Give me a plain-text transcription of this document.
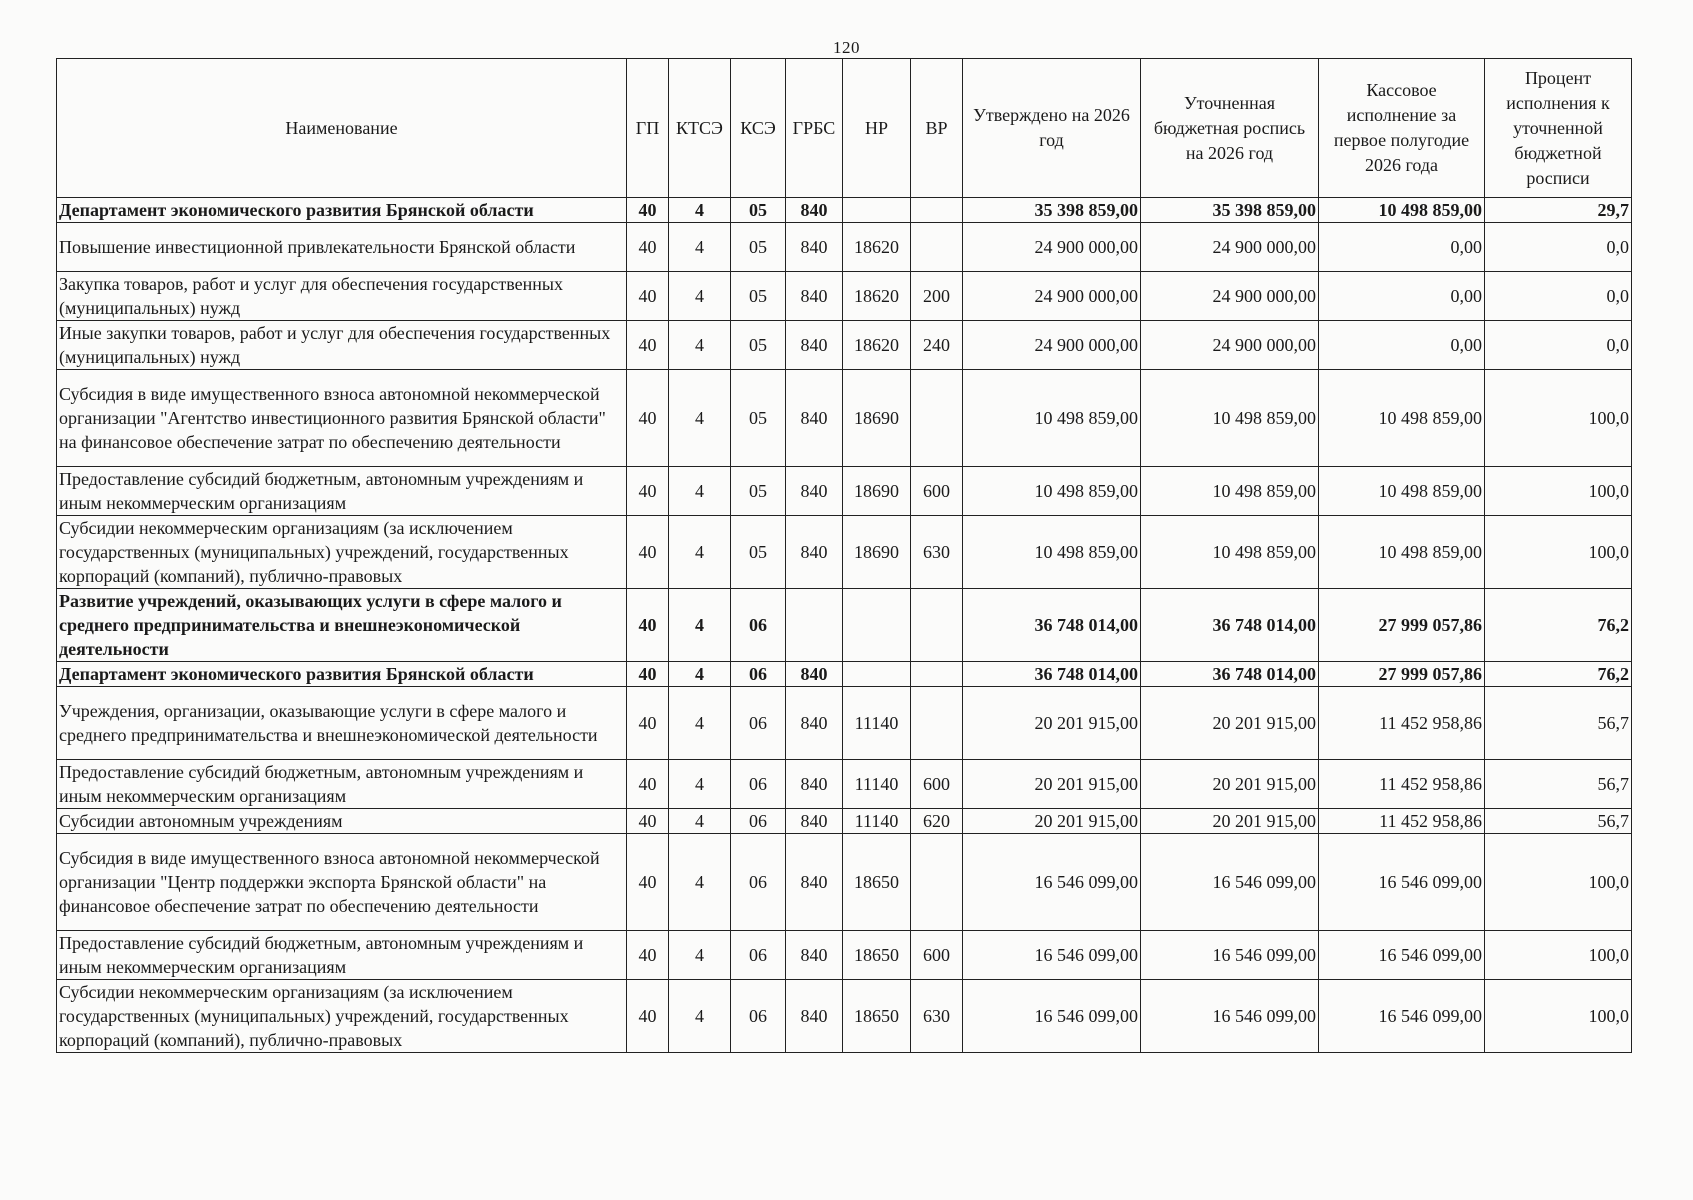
120
Наименование	ГП	КТСЭ	КСЭ	ГРБС	НР	ВР	Утверждено на 2026 год	Уточненная бюджетная роспись на 2026 год	Кассовое исполнение за первое полугодие 2026 года	Процент исполнения к уточненной бюджетной росписи
Департамент экономического развития Брянской области	40	4	05	840			35 398 859,00	35 398 859,00	10 498 859,00	29,7
Повышение инвестиционной привлекательности Брянской области	40	4	05	840	18620		24 900 000,00	24 900 000,00	0,00	0,0
Закупка товаров, работ и услуг для обеспечения государственных (муниципальных) нужд	40	4	05	840	18620	200	24 900 000,00	24 900 000,00	0,00	0,0
Иные закупки товаров, работ и услуг для обеспечения государственных (муниципальных) нужд	40	4	05	840	18620	240	24 900 000,00	24 900 000,00	0,00	0,0
Субсидия в виде имущественного взноса автономной некоммерческой организации "Агентство инвестиционного развития Брянской области" на финансовое обеспечение затрат по обеспечению деятельности	40	4	05	840	18690		10 498 859,00	10 498 859,00	10 498 859,00	100,0
Предоставление субсидий бюджетным, автономным учреждениям и иным некоммерческим организациям	40	4	05	840	18690	600	10 498 859,00	10 498 859,00	10 498 859,00	100,0
Субсидии некоммерческим организациям (за исключением государственных (муниципальных) учреждений, государственных корпораций (компаний), публично-правовых	40	4	05	840	18690	630	10 498 859,00	10 498 859,00	10 498 859,00	100,0
Развитие учреждений, оказывающих услуги в сфере малого и среднего предпринимательства и внешнеэкономической деятельности	40	4	06				36 748 014,00	36 748 014,00	27 999 057,86	76,2
Департамент экономического развития Брянской области	40	4	06	840			36 748 014,00	36 748 014,00	27 999 057,86	76,2
Учреждения, организации, оказывающие услуги в сфере малого и среднего предпринимательства и внешнеэкономической деятельности	40	4	06	840	11140		20 201 915,00	20 201 915,00	11 452 958,86	56,7
Предоставление субсидий бюджетным, автономным учреждениям и иным некоммерческим организациям	40	4	06	840	11140	600	20 201 915,00	20 201 915,00	11 452 958,86	56,7
Субсидии автономным учреждениям	40	4	06	840	11140	620	20 201 915,00	20 201 915,00	11 452 958,86	56,7
Субсидия в виде имущественного взноса автономной некоммерческой организации "Центр поддержки экспорта Брянской области" на финансовое обеспечение затрат по обеспечению деятельности	40	4	06	840	18650		16 546 099,00	16 546 099,00	16 546 099,00	100,0
Предоставление субсидий бюджетным, автономным учреждениям и иным некоммерческим организациям	40	4	06	840	18650	600	16 546 099,00	16 546 099,00	16 546 099,00	100,0
Субсидии некоммерческим организациям (за исключением государственных (муниципальных) учреждений, государственных корпораций (компаний), публично-правовых	40	4	06	840	18650	630	16 546 099,00	16 546 099,00	16 546 099,00	100,0
